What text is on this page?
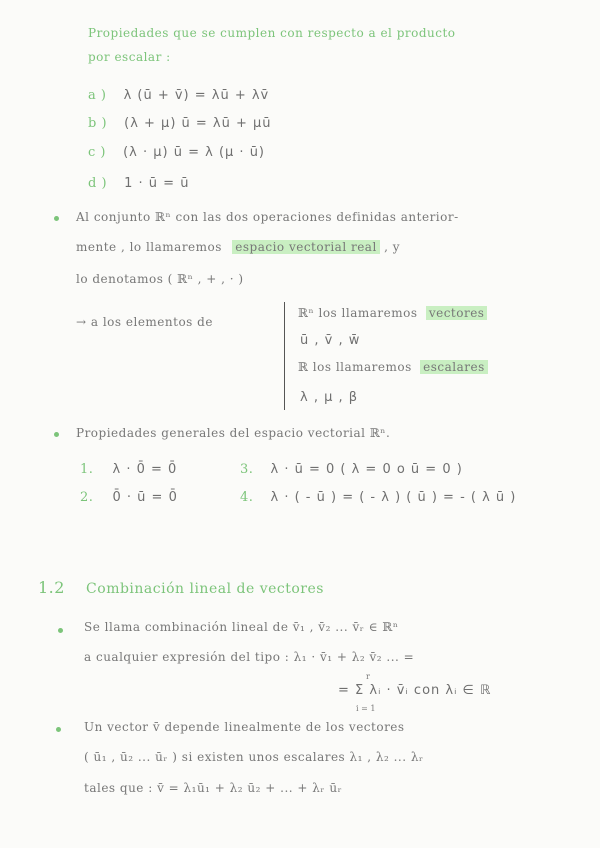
Propiedades que se cumplen con respecto a el producto
por escalar :
a ) λ (ū + v̄) = λū + λv̄
b ) (λ + μ) ū = λū + μū
c ) (λ · μ) ū = λ (μ · ū)
d ) 1 · ū = ū
Al conjunto ℝⁿ con las dos operaciones definidas anterior-
mente , lo llamaremos espacio vectorial real , y
lo denotamos ( ℝⁿ , + , · )
→ a los elementos de
ℝⁿ los llamaremos vectores
ū , v̄ , w̄
ℝ los llamaremos escalares
λ , μ , β
Propiedades generales del espacio vectorial ℝⁿ.
1. λ · 0̄ = 0̄
2. 0̄ · ū = 0̄
3. λ · ū = 0 ( λ = 0 o ū = 0 )
4. λ · ( - ū ) = ( - λ ) ( ū ) = - ( λ ū )
1.2 Combinación lineal de vectores
Se llama combinación lineal de v̄₁ , v̄₂ ... v̄ᵣ ∈ ℝⁿ
a cualquier expresión del tipo : λ₁ · v̄₁ + λ₂ v̄₂ ... =
r
= Σ λᵢ · v̄ᵢ con λᵢ ∈ ℝ
i = 1
Un vector v̄ depende linealmente de los vectores
( ū₁ , ū₂ ... ūᵣ ) si existen unos escalares λ₁ , λ₂ ... λᵣ
tales que : v̄ = λ₁ū₁ + λ₂ ū₂ + ... + λᵣ ūᵣ
